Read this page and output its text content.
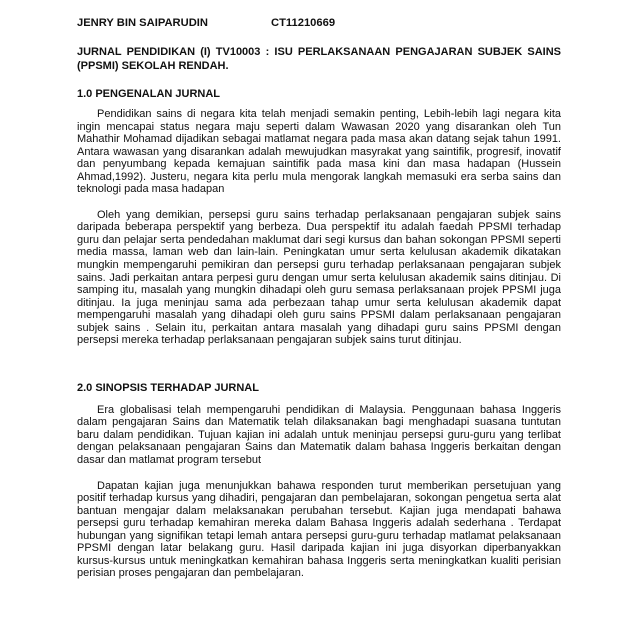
JENRY BIN SAIPARUDIN	CT11210669
JURNAL PENDIDIKAN (I) TV10003 : ISU PERLAKSANAAN PENGAJARAN SUBJEK SAINS (PPSMI) SEKOLAH RENDAH.
1.0 PENGENALAN JURNAL

Pendidikan sains di negara kita telah menjadi semakin penting, Lebih-lebih lagi negara kita ingin mencapai status negara maju seperti dalam Wawasan 2020 yang disarankan oleh Tun Mahathir Mohamad dijadikan sebagai matlamat negara pada masa akan datang sejak tahun 1991. Antara wawasan yang disarankan adalah mewujudkan masyrakat yang saintifik, progresif, inovatif dan penyumbang kepada kemajuan saintifik pada masa kini dan masa hadapan (Hussein Ahmad,1992). Justeru, negara kita perlu mula mengorak langkah memasuki era serba sains dan teknologi pada masa hadapan

Oleh yang demikian, persepsi guru sains terhadap perlaksanaan pengajaran subjek sains daripada beberapa perspektif yang berbeza. Dua perspektif itu adalah faedah PPSMI terhadap guru dan pelajar serta pendedahan maklumat dari segi kursus dan bahan sokongan PPSMI seperti media massa, laman web dan lain-lain. Peningkatan umur serta kelulusan akademik dikatakan mungkin mempengaruhi pemikiran dan persepsi guru terhadap perlaksanaan pengajaran subjek sains. Jadi perkaitan antara perpesi guru dengan umur serta kelulusan akademik sains ditinjau. Di samping itu, masalah yang mungkin dihadapi oleh guru semasa perlaksanaan projek PPSMI juga ditinjau. Ia juga meninjau sama ada perbezaan tahap umur serta kelulusan akademik dapat mempengaruhi masalah yang dihadapi oleh guru sains PPSMI dalam perlaksanaan pengajaran subjek sains . Selain itu, perkaitan antara masalah yang dihadapi guru sains PPSMI dengan persepsi mereka terhadap perlaksanaan pengajaran subjek sains turut ditinjau.

2.0 SINOPSIS TERHADAP JURNAL

Era globalisasi telah mempengaruhi pendidikan di Malaysia. Penggunaan bahasa Inggeris dalam pengajaran Sains dan Matematik telah dilaksanakan bagi menghadapi suasana tuntutan baru dalam pendidikan. Tujuan kajian ini adalah untuk meninjau persepsi guru-guru yang terlibat dengan pelaksanaan pengajaran Sains dan Matematik dalam bahasa Inggeris berkaitan dengan dasar dan matlamat program tersebut

Dapatan kajian juga menunjukkan bahawa responden turut memberikan persetujuan yang positif terhadap kursus yang dihadiri, pengajaran dan pembelajaran, sokongan pengetua serta alat bantuan mengajar dalam melaksanakan perubahan tersebut. Kajian juga mendapati bahawa persepsi guru terhadap kemahiran mereka dalam Bahasa Inggeris adalah sederhana . Terdapat hubungan yang signifikan tetapi lemah antara persepsi guru-guru terhadap matlamat pelaksanaan PPSMI dengan latar belakang guru. Hasil daripada kajian ini juga disyorkan diperbanyakkan kursus-kursus untuk meningkatkan kemahiran bahasa Inggeris serta meningkatkan kualiti perisian perisian proses pengajaran dan pembelajaran.
